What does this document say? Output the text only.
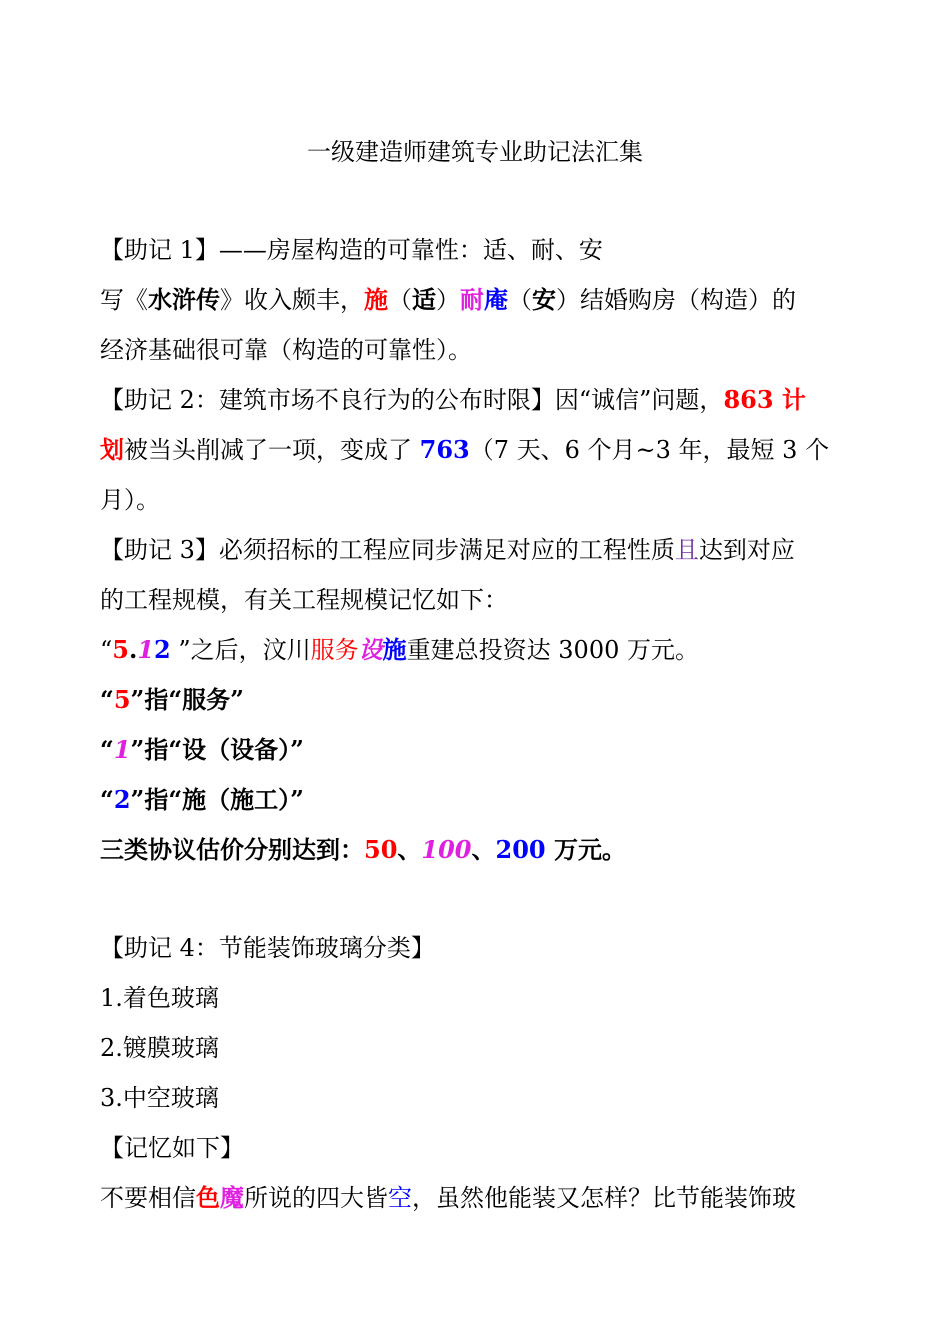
一级建造师建筑专业助记法汇集
【助记 1】——房屋构造的可靠性：适、耐、安
写《水浒传》收入颇丰，施（适）耐庵（安）结婚购房（构造）的
经济基础很可靠（构造的可靠性）。
【助记 2：建筑市场不良行为的公布时限】因“诚信”问题，863 计
划被当头削减了一项，变成了 763（7 天、6 个月~3 年，最短 3 个
月）。
【助记 3】必须招标的工程应同步满足对应的工程性质且达到对应
的工程规模，有关工程规模记忆如下：
“5.12 ”之后，汶川服务设施重建总投资达 3000 万元。
“5”指“服务”
“1”指“设（设备）”
“2”指“施（施工）”
三类协议估价分别达到：50、100、200 万元。
【助记 4：节能装饰玻璃分类】
1.着色玻璃
2.镀膜玻璃
3.中空玻璃
【记忆如下】
不要相信色魔所说的四大皆空，虽然他能装又怎样？比节能装饰玻
